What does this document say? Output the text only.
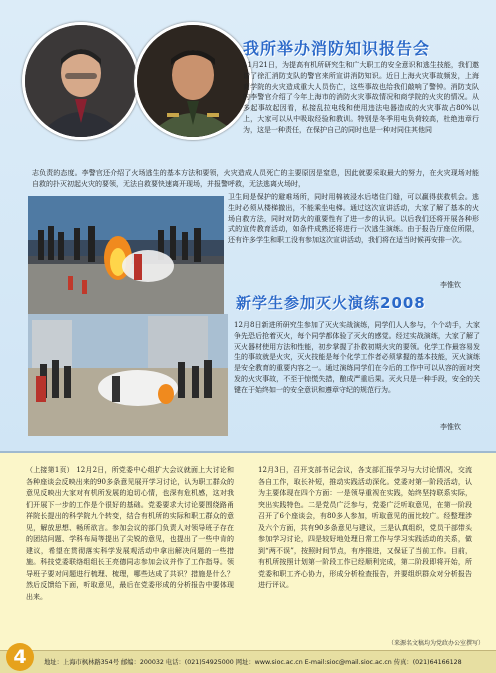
我所举办消防知识报告会
11月21日，为提高有机所研究生和广大职工的安全意识和逃生技能，我们邀请了徐汇消防支队的警官来所宣讲消防知识。近日上海火灾事故频发，上海商学院的火灾造成重大人员伤亡，这些事故也给我们敲响了警钟。消防支队的李警官介绍了今年上海市的消防火灾事故情况和商学院的火灾的情况。从多起事故起因看，私接乱拉电线和使用违法电器造成的火灾事故占80%以上，大家可以从中吸取经验和教训。特别是冬季用电负荷较高，杜绝违章行为，这是一种责任，在保护自己的同时也是一种对同住其他同
志负责的态度。李警官还介绍了火场逃生的基本方法和要领，火灾造成人员死亡的主要原因是窒息，因此就要采取最大的努力，在火灾现场对能自救的扑灭初起火灾的要领，无法自救要快速离开现场，并报警呼救，无法逃离火场时，
卫生间是保护的避难场所，同时用棉被浸水后堵住门缝，可以赢得获救机会。逃生时必须从楼梯撤出，不能乘坐电梯。通过这次宣讲活动，大家了解了基本的火场自救方法，同时对防火的重要性有了进一步的认识。以后我们还将开展各种形式的宣传教育活动，如条件成熟还将进行一次逃生演练。由于报告厅座位所限，还有许多学生和职工没有参加这次宣讲活动，我们将在适当时候再安排一次。
李惟钦
新学生参加灭火演练2008
12月8日新进所研究生参加了灭火实战演练，同学们人人参与，个个动手，大家争先恐后抢着灭火，每个同学都体验了灭火的感觉。经过实战演练，大家了解了灭火器材使用方法和性能，初步掌握了扑救初期火灾的要领。化学工作最容易发生的事故就是火灾，灭火技能是每个化学工作者必须掌握的基本技能，灭火演练是安全教育的重要内容之一。通过演练同学们在今后的工作中可以从容的面对突发的火灾事故，不至于惊慌失措，酿成严重后果。灭火只是一种手段，安全的关键在于始终如一的安全意识和遵章守纪的规范行为。
李惟钦
（上接第1页） 12月2日，所党委中心组扩大会议就面上大讨论和各种座谈会反映出来的90多条意见展开学习讨论，认为职工群众的意见反映出大家对有机所发展的迫切心情，也深有危机感，这对我们开展下一步的工作是个很好的基础。党委要求大讨论要围绕路甬祥院长提出的科学院九个转变，结合有机所的实际和职工群众的意见，解放思想、畅所欲言。参加会议的部门负责人对领导班子存在的团结问题、学科布局等提出了尖锐的意见，也提出了一些中肯的建议，希望在贯彻落实科学发展观活动中拿出解决问题的一些措施。科技党委联络组组长王亮德同志参加会议并作了工作指导。领导班子要对问题进行梳理、梳理，哪些达成了共识？措施是什么？然后反馈给下面，听取意见，最后在党委形成的分析报告中要体现出来。
12月3日，召开支部书记会议，各支部汇报学习与大讨论情况，交流各自工作，取长补短，推动实践活动深化。党委对第一阶段活动，认为主要体现在四个方面：一是领导重视在实践，始终坚持联系实际，突出实践特色。二是党员广泛参与，党委广泛听取意见，在第一阶段召开了6个座谈会，有80多人参加，听取意见的面比较广。经整理涉及六个方面，共有90多条意见与建议，三是认真组织，党员干部带头参加学习讨论，四是较好地处理日常工作与学习实践活动的关系，做到“两不误”，按照时间节点，有序推进，又保证了当前工作。目前，有机所按照计划第一阶段工作已经顺利完成，第二阶段即将开始，所党委和职工齐心协力，形成分析检查报告，并要组织群众对分析报告进行评议。
（来源名文稿均为党政办公室撰写）
地址：上海市枫林路354号 邮编：200032 电话：(021)54925000 网址：www.sioc.ac.cn E-mail:sioc@mail.sioc.ac.cn 传真：(021)64166128
4
